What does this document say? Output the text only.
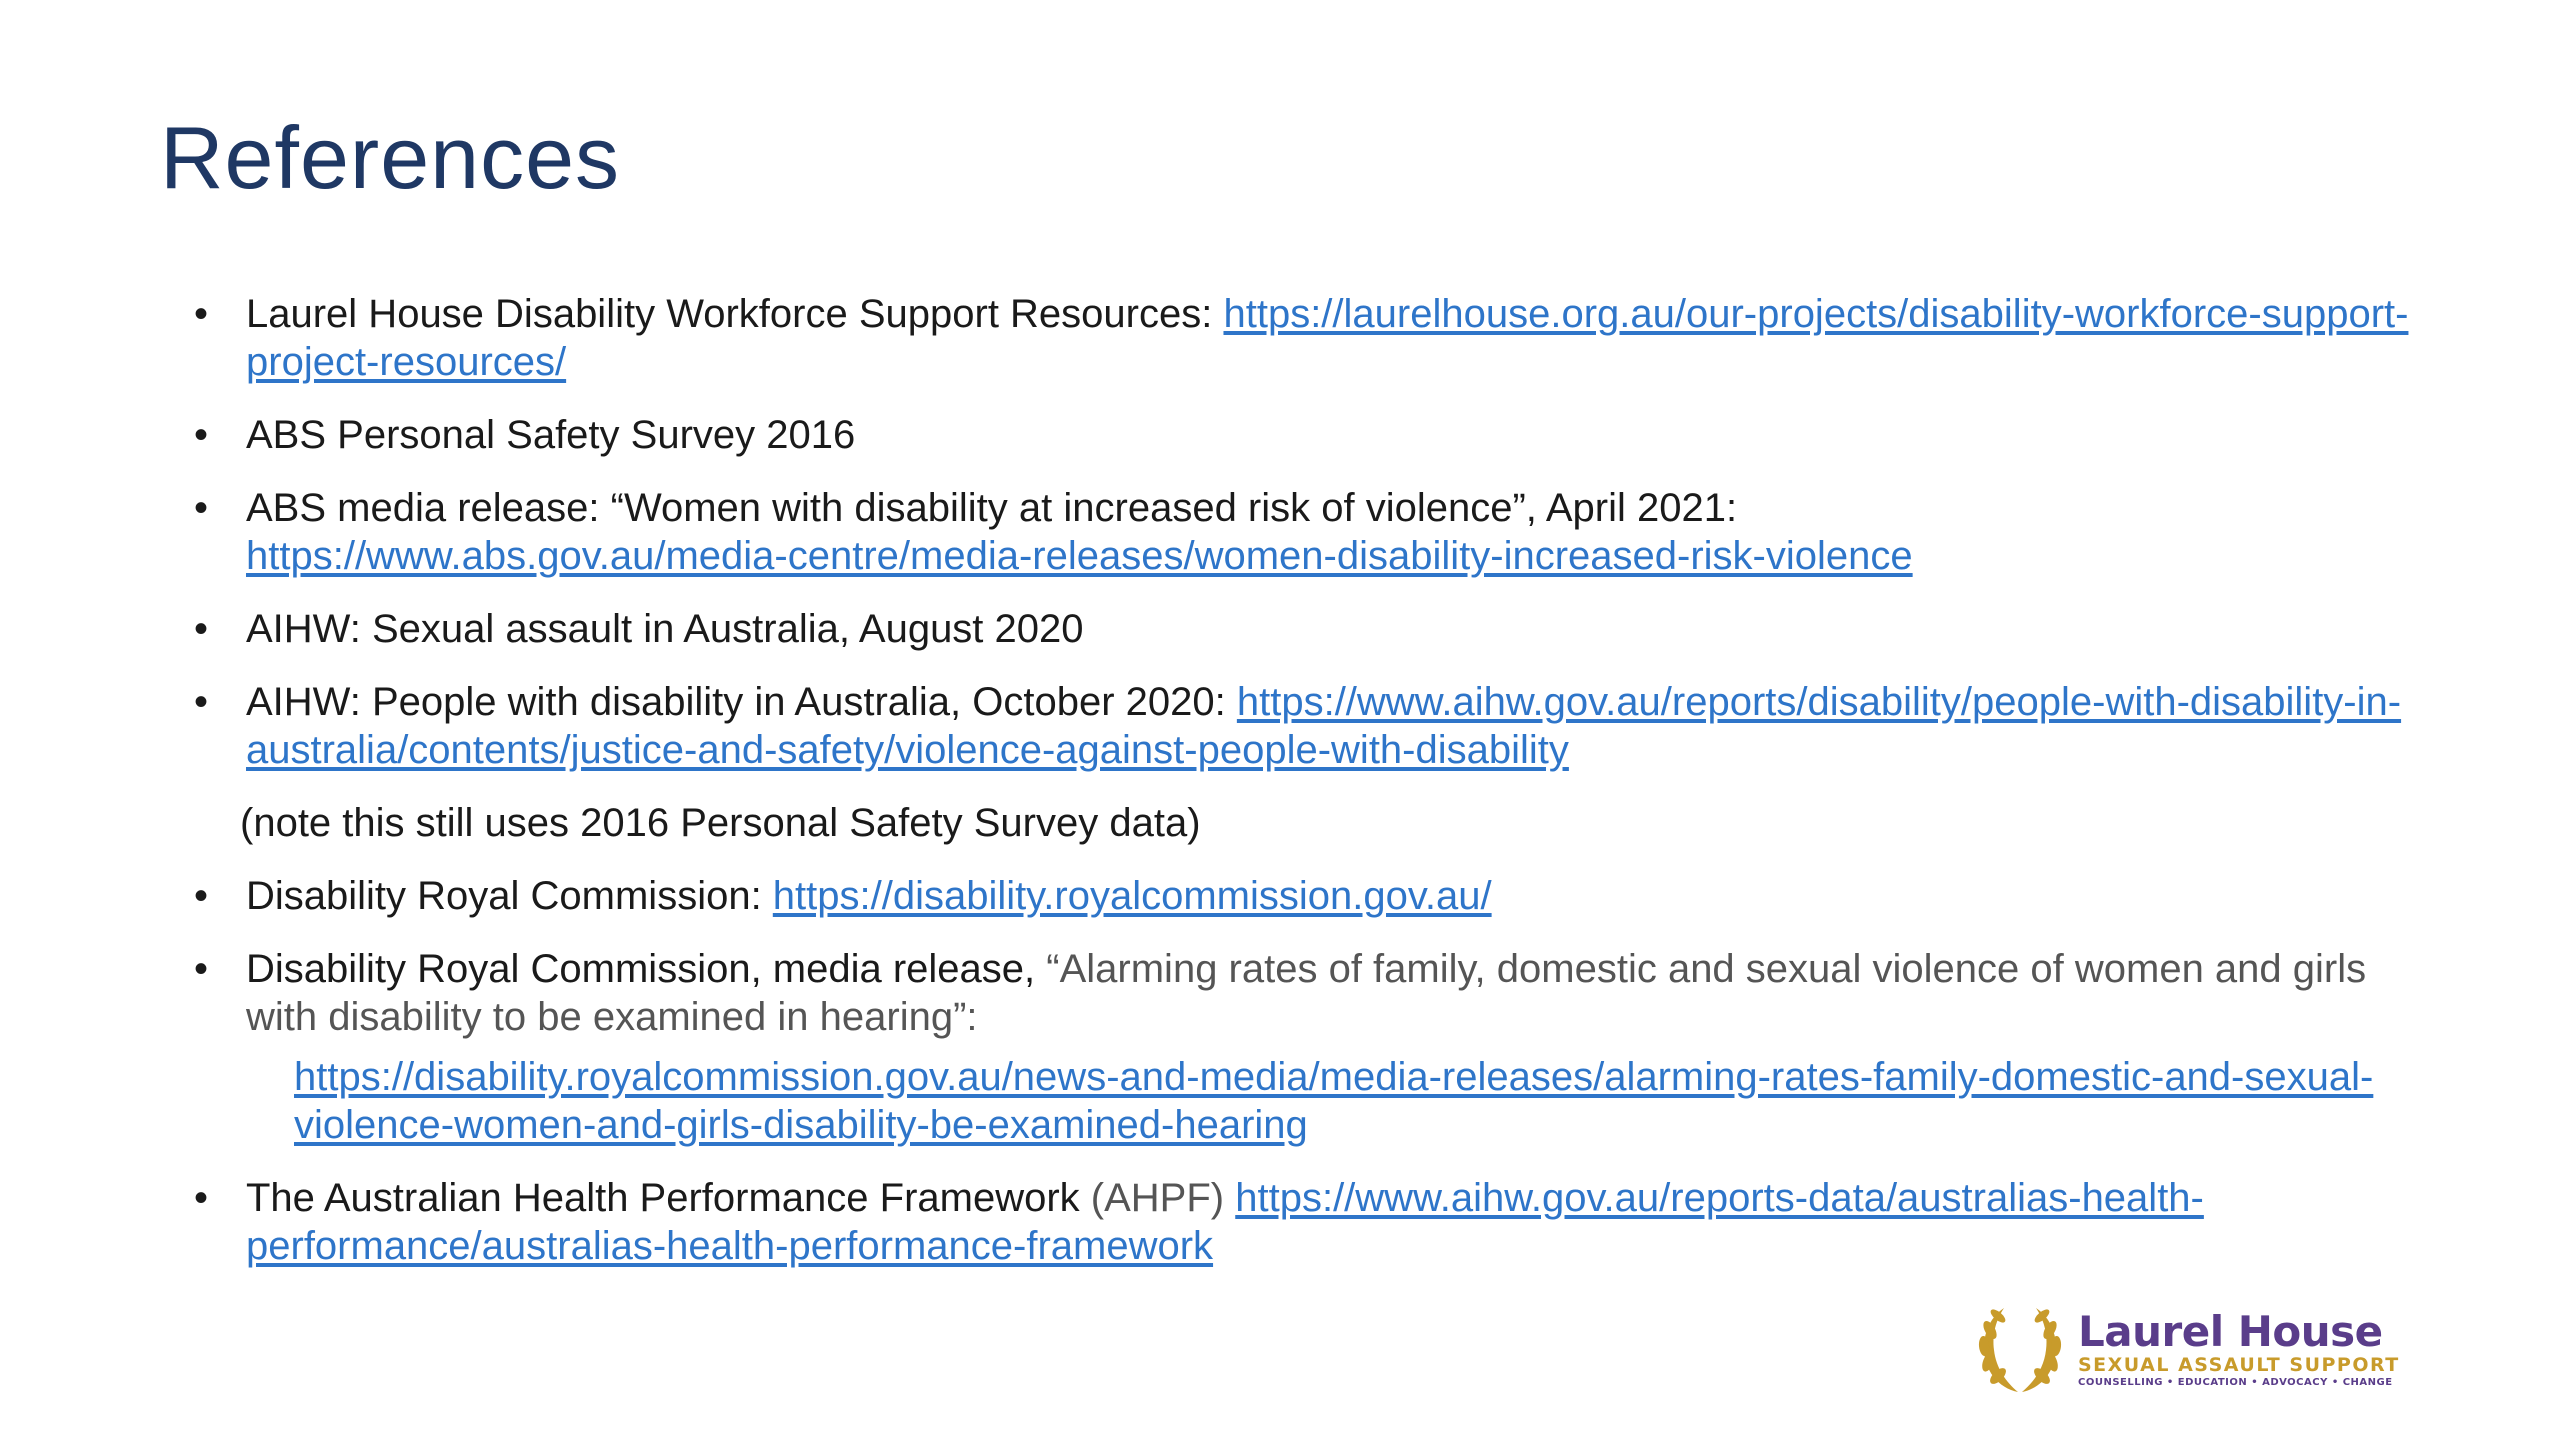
References
• Laurel House Disability Workforce Support Resources: https://laurelhouse.org.au/our-projects/disability-workforce-support-project-resources/
• ABS Personal Safety Survey 2016
• ABS media release: “Women with disability at increased risk of violence”, April 2021:
https://www.abs.gov.au/media-centre/media-releases/women-disability-increased-risk-violence
• AIHW: Sexual assault in Australia, August 2020
• AIHW: People with disability in Australia, October 2020: https://www.aihw.gov.au/reports/disability/people-with-disability-in-australia/contents/justice-and-safety/violence-against-people-with-disability
(note this still uses 2016 Personal Safety Survey data)
• Disability Royal Commission: https://disability.royalcommission.gov.au/
• Disability Royal Commission, media release, “Alarming rates of family, domestic and sexual violence of women and girls with disability to be examined in hearing”:
https://disability.royalcommission.gov.au/news-and-media/media-releases/alarming-rates-family-domestic-and-sexual-violence-women-and-girls-disability-be-examined-hearing
• The Australian Health Performance Framework (AHPF) https://www.aihw.gov.au/reports-data/australias-health-performance/australias-health-performance-framework
Laurel House
SEXUAL ASSAULT SUPPORT
COUNSELLING • EDUCATION • ADVOCACY • CHANGE
